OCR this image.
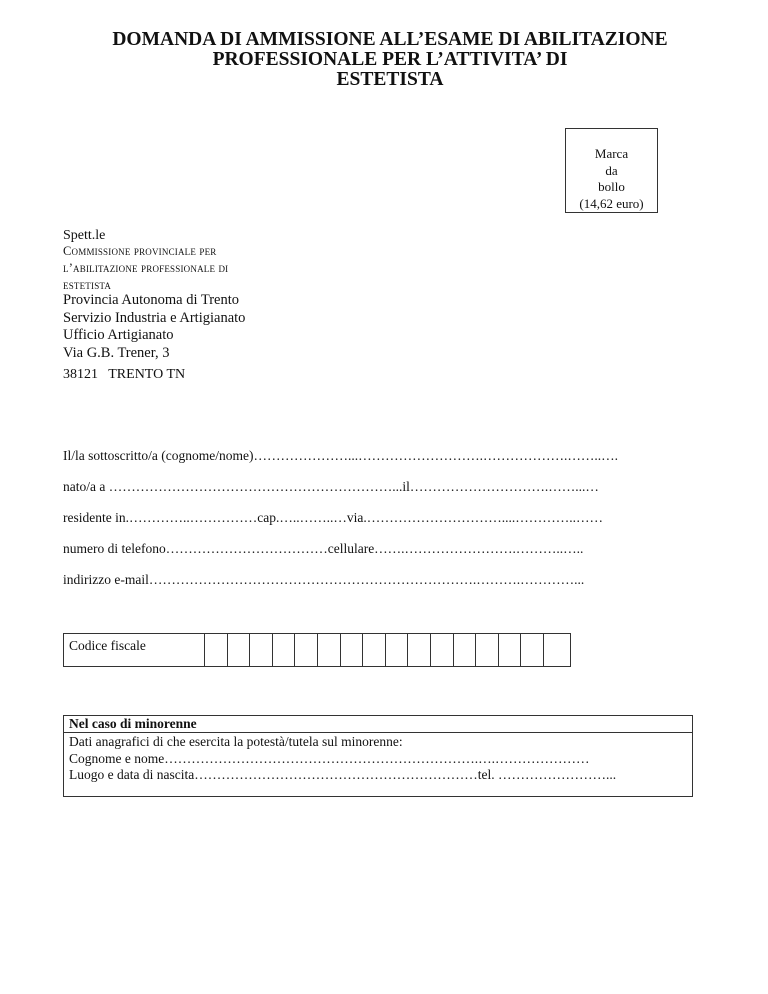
DOMANDA DI AMMISSIONE ALL’ESAME DI ABILITAZIONE
PROFESSIONALE PER L’ATTIVITA’ DI
ESTETISTA
Marca
da
bollo
(14,62 euro)
Spett.le
Commissione provinciale per
l’abilitazione professionale di
estetista
Provincia Autonoma di Trento
Servizio Industria e Artigianato
Ufficio Artigianato
Via G.B. Trener, 3
38121   TRENTO TN
Il/la sottoscritto/a (cognome/nome)…………………...……………………….……………….……..….
nato/a a ………………………………………………………...il………………………….……...…
residente in.…………..……………cap.…..……..…via.…………………………....…………..……
numero di telefono………………………………cellulare…….…………………….………..…..
indirizzo e-mail……………………………………………………………….……….…………...
Codice fiscale
Nel caso di minorenne
Dati anagrafici di che esercita la potestà/tutela sul minorenne:
Cognome e nome…………………………………………………………….….…………………
Luogo e data di nascita………………………………………………………tel. ……………………...
